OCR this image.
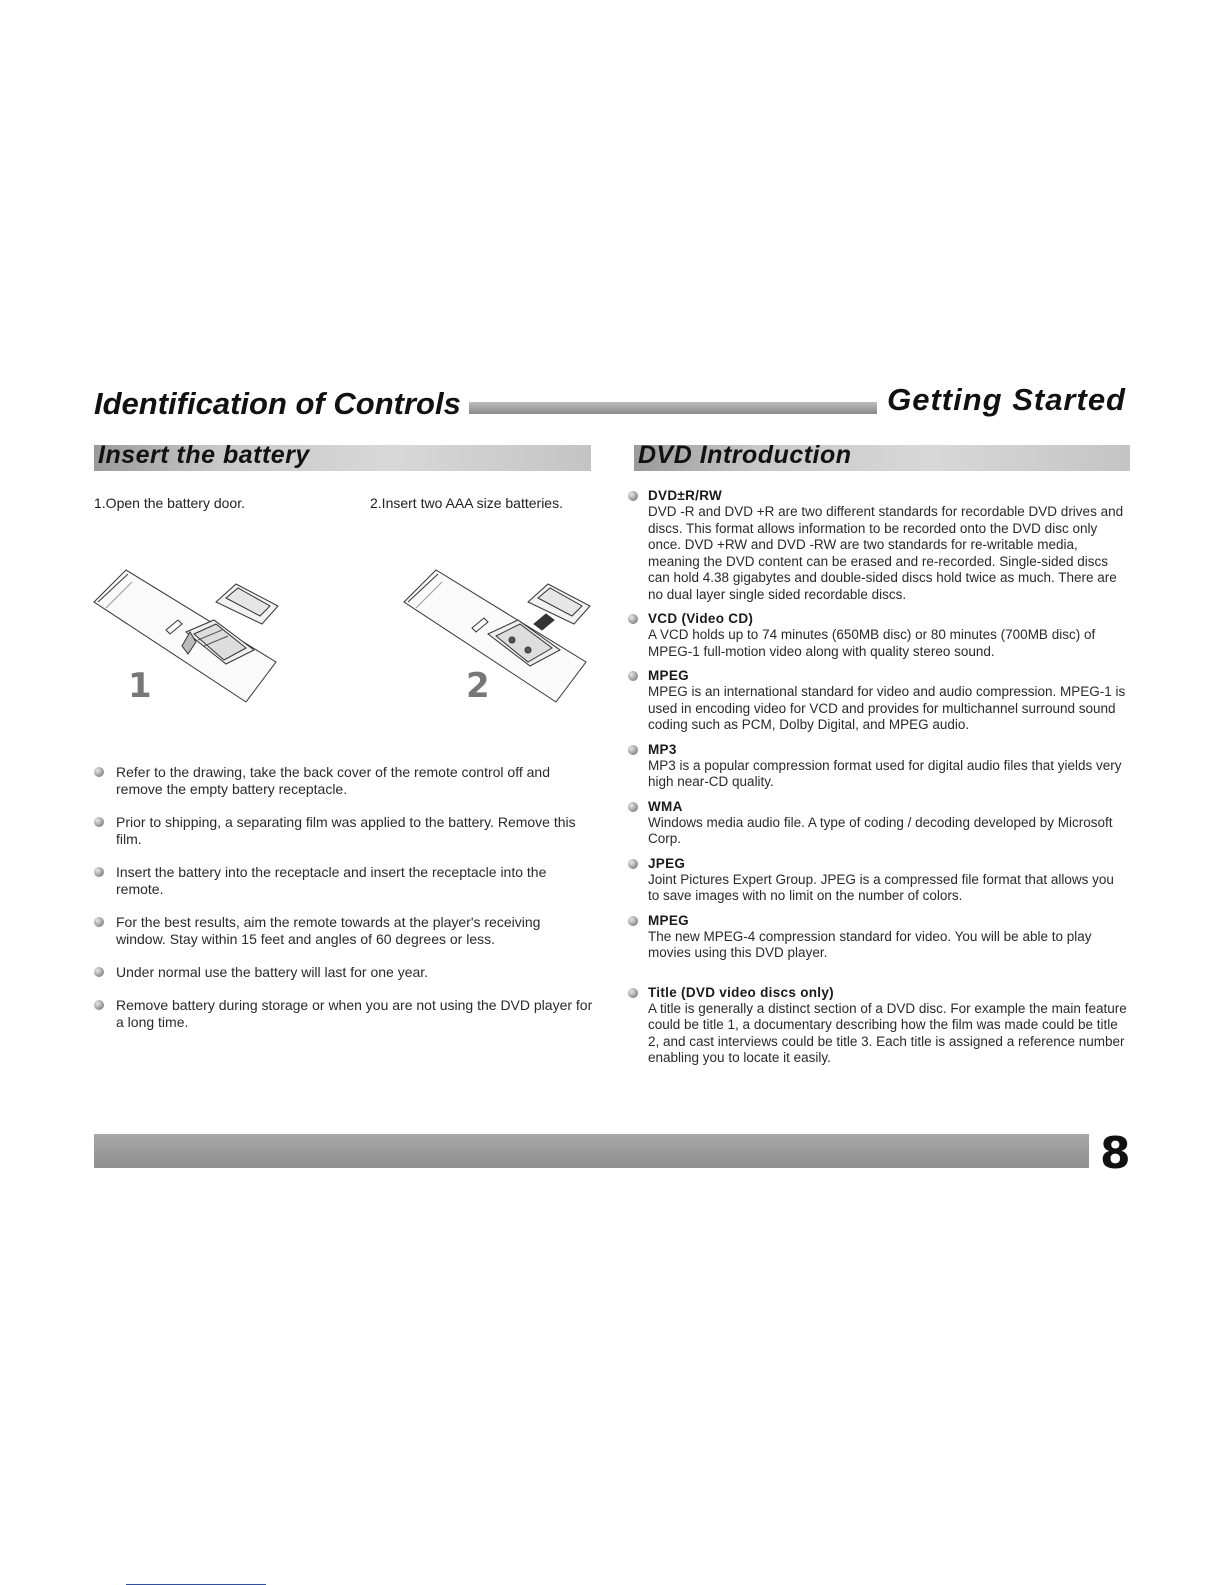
Identification of Controls	Getting Started
Insert the battery	DVD Introduction
1.Open the battery door.	2.Insert two AAA size batteries.
1	2
Refer to the drawing, take the back cover of the remote control off and remove the empty battery receptacle.
Prior to shipping, a separating film was applied to the battery. Remove this film.
Insert the battery into the receptacle and insert the receptacle into the remote.
For the best results, aim the remote towards at the player's receiving window. Stay within 15 feet and angles of 60 degrees or less.
Under normal use the battery will last for one year.
Remove battery during storage or when you are not using the DVD player for a long time.
DVD±R/RW
DVD -R and DVD +R are two different standards for recordable DVD drives and discs. This format allows information to be recorded onto the DVD disc only once. DVD +RW and DVD -RW are two standards for re-writable media, meaning the DVD content can be erased and re-recorded. Single-sided discs can hold 4.38 gigabytes and double-sided discs hold twice as much. There are no dual layer single sided recordable discs.
VCD (Video CD)
A VCD holds up to 74 minutes (650MB disc) or 80 minutes (700MB disc) of MPEG-1 full-motion video along with quality stereo sound.
MPEG
MPEG is an international standard for video and audio compression. MPEG-1 is used in encoding video for VCD and provides for multichannel surround sound coding such as PCM, Dolby Digital, and MPEG audio.
MP3
MP3 is a popular compression format used for digital audio files that yields very high near-CD quality.
WMA
Windows media audio file. A type of coding / decoding developed by Microsoft Corp.
JPEG
Joint Pictures Expert Group. JPEG is a compressed file format that allows you to save images with no limit on the number of colors.
MPEG
The new MPEG-4 compression standard for video. You will be able to play movies using this DVD player.
Title (DVD video discs only)
A title is generally a distinct section of a DVD disc. For example the main feature could be title 1, a documentary describing how the film was made could be title 2, and cast interviews could be title 3. Each title is assigned a reference number enabling you to locate it easily.
8
